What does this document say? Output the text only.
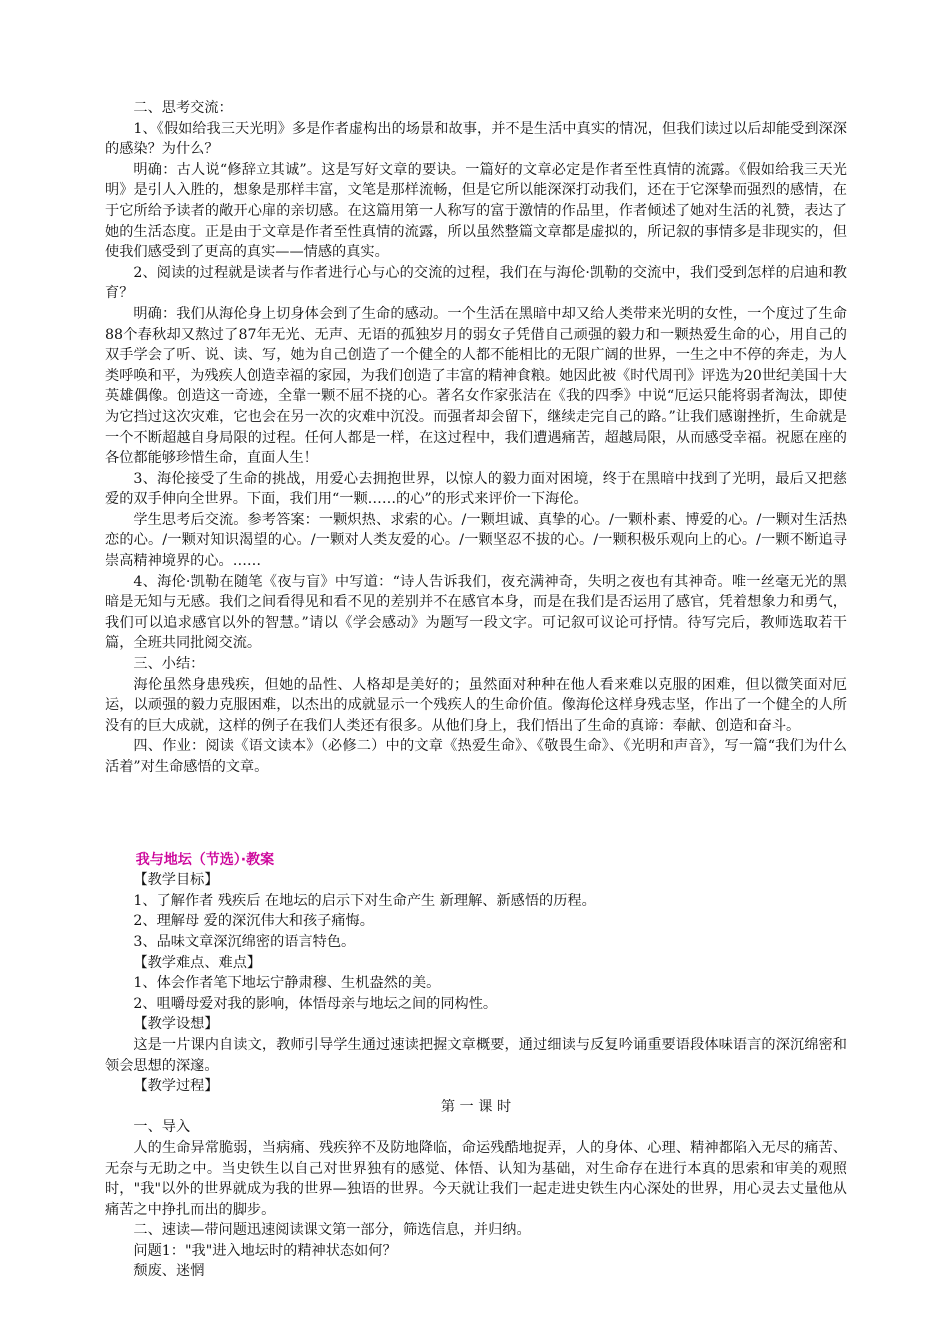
二、思考交流：

1、《假如给我三天光明》多是作者虚构出的场景和故事，并不是生活中真实的情况，但我们读过以后却能受到深深的感染？为什么？

明确：古人说“修辞立其诚”。这是写好文章的要诀。一篇好的文章必定是作者至性真情的流露。《假如给我三天光明》是引人入胜的，想象是那样丰富，文笔是那样流畅，但是它所以能深深打动我们，还在于它深挚而强烈的感情，在于它所给予读者的敞开心扉的亲切感。在这篇用第一人称写的富于激情的作品里，作者倾述了她对生活的礼赞，表达了她的生活态度。正是由于文章是作者至性真情的流露，所以虽然整篇文章都是虚拟的，所记叙的事情多是非现实的，但使我们感受到了更高的真实——情感的真实。

2、阅读的过程就是读者与作者进行心与心的交流的过程，我们在与海伦·凯勒的交流中，我们受到怎样的启迪和教育？

明确：我们从海伦身上切身体会到了生命的感动。一个生活在黑暗中却又给人类带来光明的女性，一个度过了生命88个春秋却又熬过了87年无光、无声、无语的孤独岁月的弱女子凭借自己顽强的毅力和一颗热爱生命的心，用自己的双手学会了听、说、读、写，她为自己创造了一个健全的人都不能相比的无限广阔的世界，一生之中不停的奔走，为人类呼唤和平，为残疾人创造幸福的家园，为我们创造了丰富的精神食粮。她因此被《时代周刊》评选为20世纪美国十大英雄偶像。创造这一奇迹，全靠一颗不屈不挠的心。著名女作家张洁在《我的四季》中说“厄运只能将弱者淘汰，即使为它挡过这次灾难，它也会在另一次的灾难中沉没。而强者却会留下，继续走完自己的路。”让我们感谢挫折，生命就是一个不断超越自身局限的过程。任何人都是一样，在这过程中，我们遭遇痛苦，超越局限，从而感受幸福。祝愿在座的各位都能够珍惜生命，直面人生！

3、海伦接受了生命的挑战，用爱心去拥抱世界，以惊人的毅力面对困境，终于在黑暗中找到了光明，最后又把慈爱的双手伸向全世界。下面，我们用“一颗……的心”的形式来评价一下海伦。

学生思考后交流。参考答案：一颗炽热、求索的心。/一颗坦诚、真挚的心。/一颗朴素、博爱的心。/一颗对生活热恋的心。/一颗对知识渴望的心。/一颗对人类友爱的心。/一颗坚忍不拔的心。/一颗积极乐观向上的心。/一颗不断追寻崇高精神境界的心。……

4、海伦·凯勒在随笔《夜与盲》中写道：“诗人告诉我们，夜充满神奇，失明之夜也有其神奇。唯一丝毫无光的黑暗是无知与无感。我们之间看得见和看不见的差别并不在感官本身，而是在我们是否运用了感官，凭着想象力和勇气，我们可以追求感官以外的智慧。”请以《学会感动》为题写一段文字。可记叙可议论可抒情。待写完后，教师选取若干篇，全班共同批阅交流。

三、小结：

海伦虽然身患残疾，但她的品性、人格却是美好的；虽然面对种种在他人看来难以克服的困难，但以微笑面对厄运，以顽强的毅力克服困难，以杰出的成就显示一个残疾人的生命价值。像海伦这样身残志坚，作出了一个健全的人所没有的巨大成就，这样的例子在我们人类还有很多。从他们身上，我们悟出了生命的真谛：奉献、创造和奋斗。

四、作业：阅读《语文读本》（必修二）中的文章《热爱生命》、《敬畏生命》、《光明和声音》，写一篇“我们为什么活着”对生命感悟的文章。

我与地坛（节选）·教案

【教学目标】

1、了解作者 残疾后 在地坛的启示下对生命产生 新理解、新感悟的历程。

2、理解母 爱的深沉伟大和孩子痛悔。

3、品味文章深沉绵密的语言特色。

【教学难点、难点】

1、体会作者笔下地坛宁静肃穆、生机盎然的美。

2、咀嚼母爱对我的影响，体悟母亲与地坛之间的同构性。

【教学设想】

这是一片课内自读文，教师引导学生通过速读把握文章概要，通过细读与反复吟诵重要语段体味语言的深沉绵密和领会思想的深邃。

【教学过程】

第 一 课 时

一、导入

人的生命异常脆弱，当病痛、残疾猝不及防地降临，命运残酷地捉弄，人的身体、心理、精神都陷入无尽的痛苦、无奈与无助之中。当史铁生以自己对世界独有的感觉、体悟、认知为基础，对生命存在进行本真的思索和审美的观照时，"我"以外的世界就成为我的世界—独语的世界。今天就让我们一起走进史铁生内心深处的世界，用心灵去丈量他从痛苦之中挣扎而出的脚步。

二、速读—带问题迅速阅读课文第一部分，筛选信息，并归纳。

问题1："我"进入地坛时的精神状态如何？

颓废、迷惘
